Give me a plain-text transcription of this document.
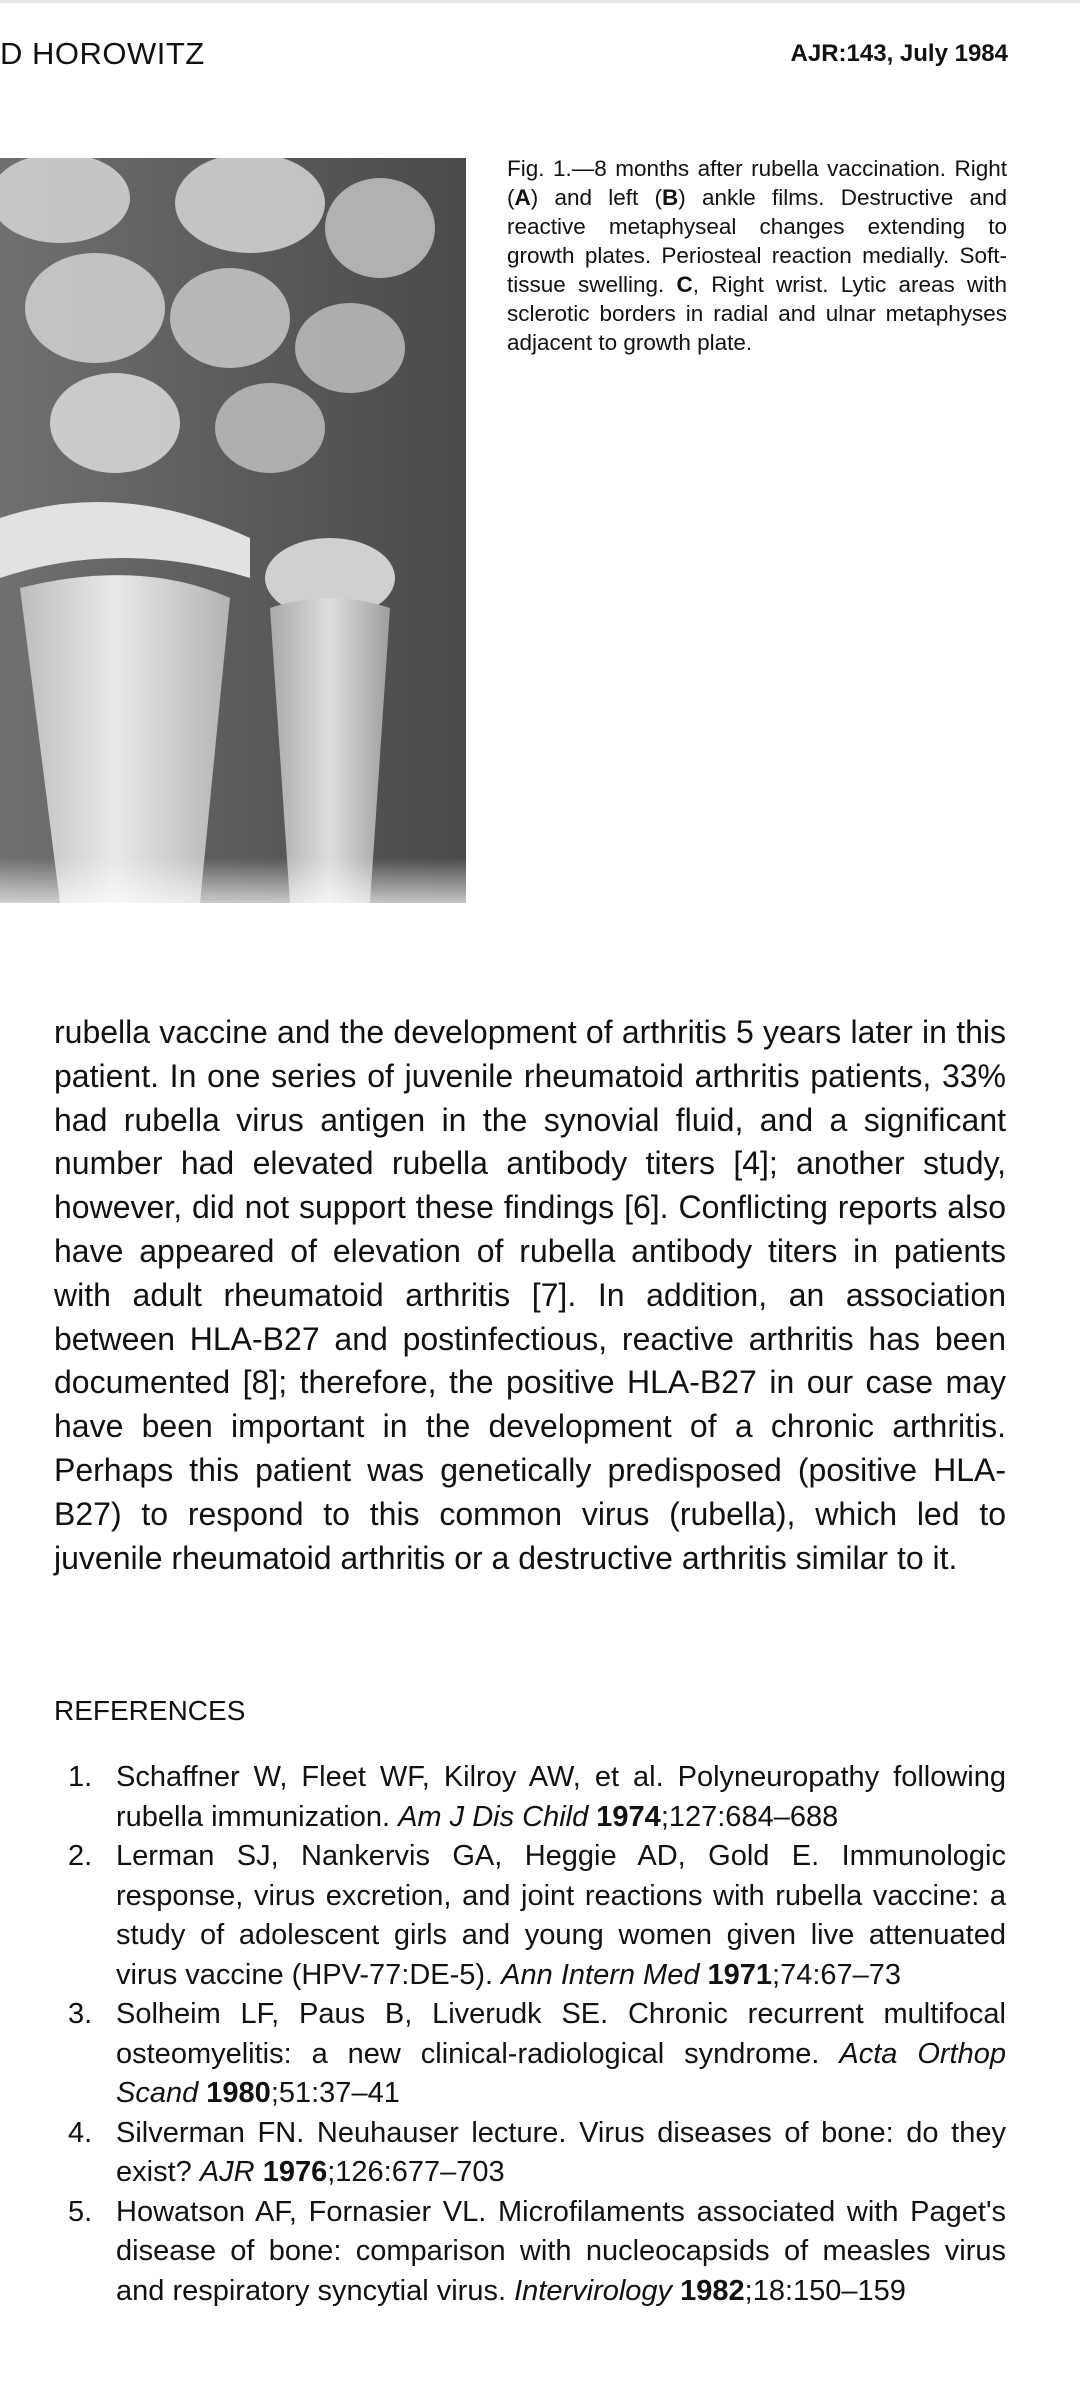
D HOROWITZ	AJR:143, July 1984
Fig. 1.—8 months after rubella vaccination. Right (A) and left (B) ankle films. Destructive and reactive metaphyseal changes extending to growth plates. Periosteal reaction medially. Soft-tissue swelling. C, Right wrist. Lytic areas with sclerotic borders in radial and ulnar metaphyses adjacent to growth plate.
rubella vaccine and the development of arthritis 5 years later in this patient. In one series of juvenile rheumatoid arthritis patients, 33% had rubella virus antigen in the synovial fluid, and a significant number had elevated rubella antibody titers [4]; another study, however, did not support these findings [6]. Conflicting reports also have appeared of elevation of rubella antibody titers in patients with adult rheumatoid arthritis [7]. In addition, an association between HLA-B27 and postinfectious, reactive arthritis has been documented [8]; therefore, the positive HLA-B27 in our case may have been important in the development of a chronic arthritis. Perhaps this patient was genetically predisposed (positive HLA-B27) to respond to this common virus (rubella), which led to juvenile rheumatoid arthritis or a destructive arthritis similar to it.
REFERENCES
1. Schaffner W, Fleet WF, Kilroy AW, et al. Polyneuropathy following rubella immunization. Am J Dis Child 1974;127:684–688
2. Lerman SJ, Nankervis GA, Heggie AD, Gold E. Immunologic response, virus excretion, and joint reactions with rubella vaccine: a study of adolescent girls and young women given live attenuated virus vaccine (HPV-77:DE-5). Ann Intern Med 1971;74:67–73
3. Solheim LF, Paus B, Liverudk SE. Chronic recurrent multifocal osteomyelitis: a new clinical-radiological syndrome. Acta Orthop Scand 1980;51:37–41
4. Silverman FN. Neuhauser lecture. Virus diseases of bone: do they exist? AJR 1976;126:677–703
5. Howatson AF, Fornasier VL. Microfilaments associated with Paget's disease of bone: comparison with nucleocapsids of measles virus and respiratory syncytial virus. Intervirology 1982;18:150–159
